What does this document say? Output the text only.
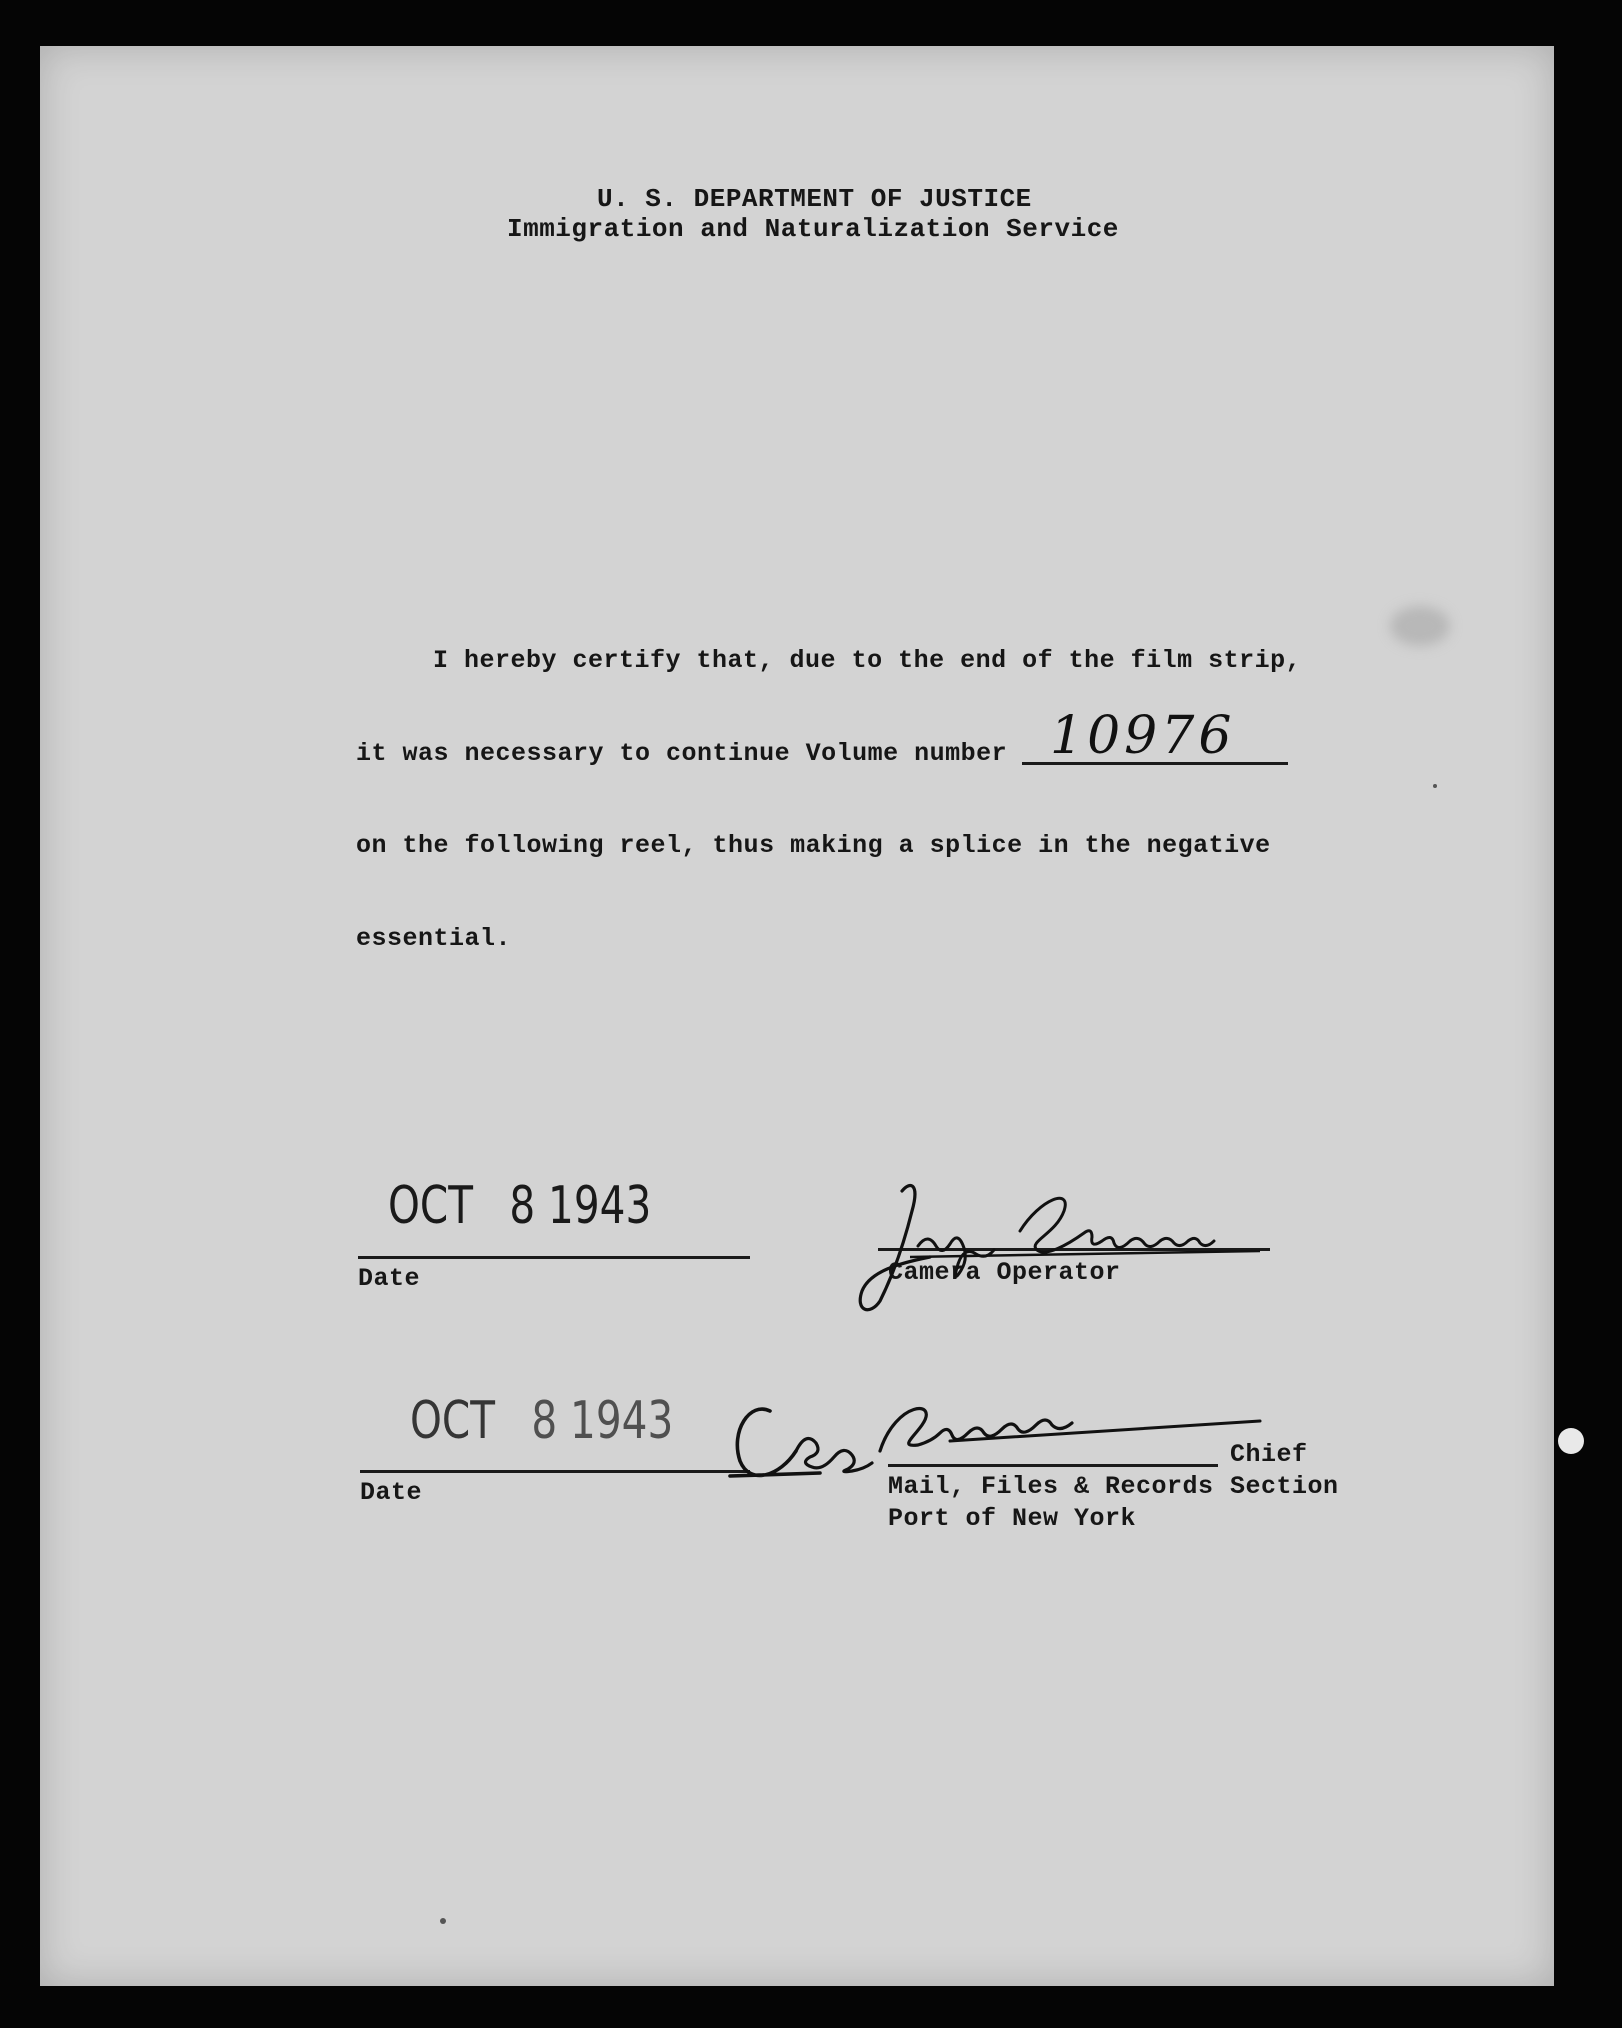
U. S. DEPARTMENT OF JUSTICE
Immigration and Naturalization Service
I hereby certify that, due to the end of the film strip,
it was necessary to continue Volume number 10976
on the following reel, thus making a splice in the negative
essential.
OCT 8 1943
Date	Camera Operator
OCT 8 1943
Date
Chief
Mail, Files & Records Section
Port of New York
